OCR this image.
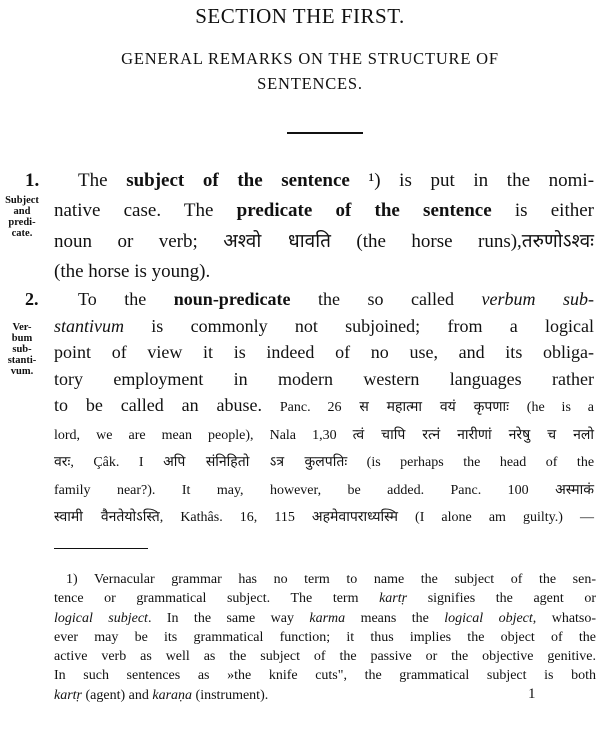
SECTION THE FIRST.
GENERAL REMARKS ON THE STRUCTURE OF
SENTENCES.
Subject
and
predi-
cate.
Ver-
bum
sub-
stanti-
vum.
1. The subject of the sentence ¹) is put in the nomi-
native case. The predicate of the sentence is either
noun or verb; अश्वो धावति (the horse runs),तरुणोऽश्वः
(the horse is young).
2. To the noun-predicate the so called verbum sub-
stantivum is commonly not subjoined; from a logical
point of view it is indeed of no use, and its obliga-
tory employment in modern western languages rather
to be called an abuse. Panc. 26 स महात्मा वयं कृपणाः (he is a
lord, we are mean people), Nala 1,30 त्वं चापि रत्नं नारीणां नरेषु च नलो
वरः, Çâk. I अपि संनिहितो ऽत्र कुलपतिः (is perhaps the head of the
family near?). It may, however, be added. Panc. 100 अस्माकं
स्वामी वैनतेयोऽस्ति, Kathâs. 16, 115 अहमेवापराध्यस्मि (I alone am guilty.) —
1) Vernacular grammar has no term to name the subject of the sen-
tence or grammatical subject. The term kartṛ signifies the agent or
logical subject. In the same way karma means the logical object, whatso-
ever may be its grammatical function; it thus implies the object of the
active verb as well as the subject of the passive or the objective genitive.
In such sentences as »the knife cuts", the grammatical subject is both
kartṛ (agent) and karaṇa (instrument).	1
